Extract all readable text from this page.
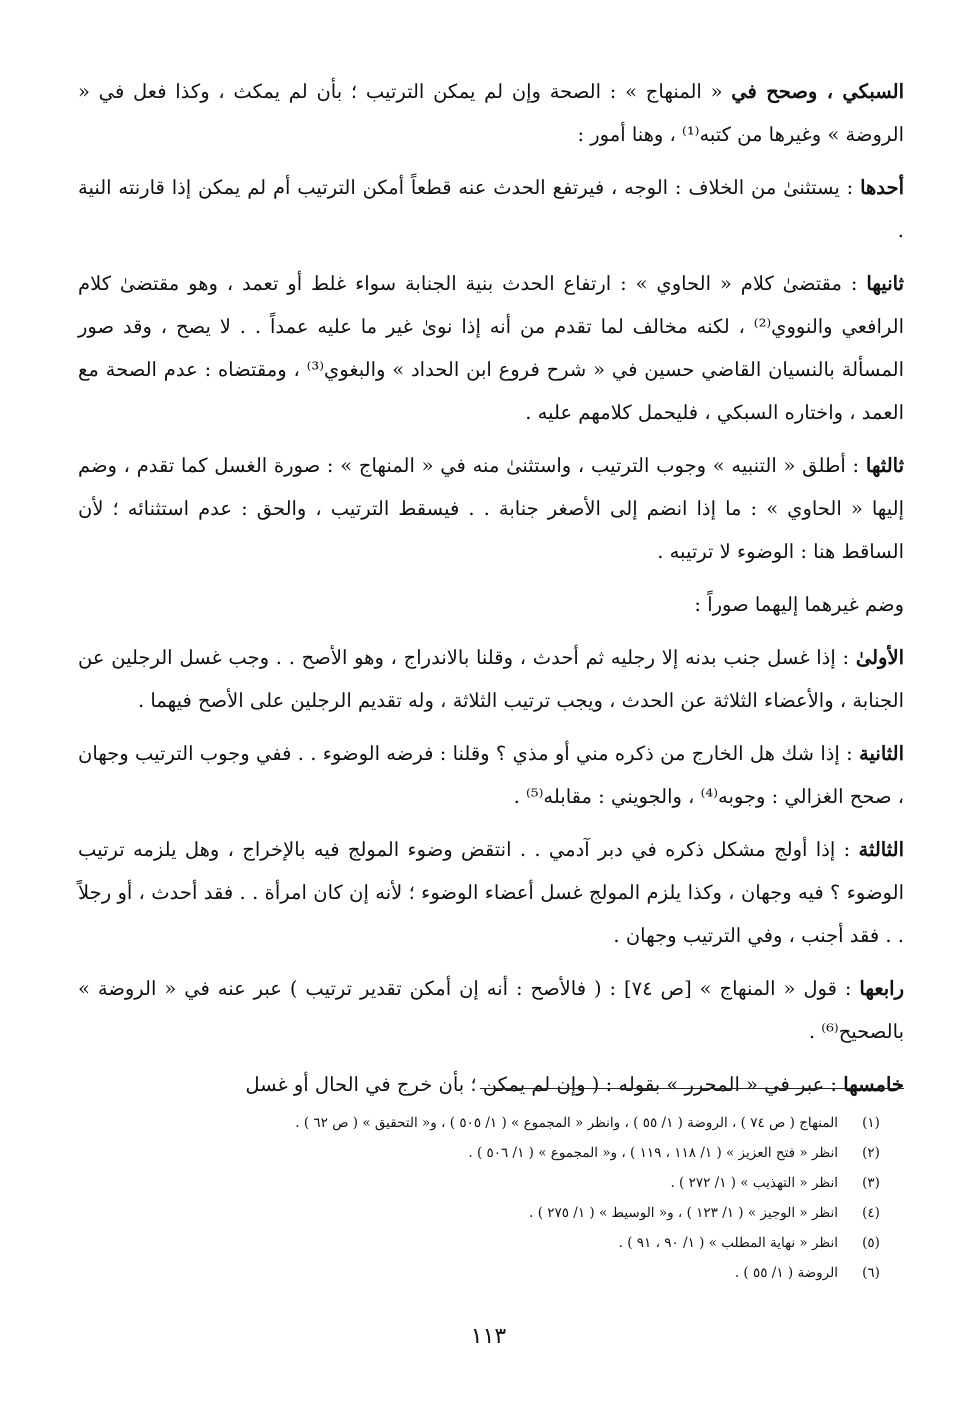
السبكي ، وصحح في « المنهاج » : الصحة وإن لم يمكن الترتيب ؛ بأن لم يمكث ، وكذا فعل في « الروضة » وغيرها من كتبه⁽¹⁾ ، وهنا أمور :

أحدها : يستثنىٰ من الخلاف : الوجه ، فيرتفع الحدث عنه قطعاً أمكن الترتيب أم لم يمكن إذا قارنته النية .

ثانيها : مقتضىٰ كلام « الحاوي » : ارتفاع الحدث بنية الجنابة سواء غلط أو تعمد ، وهو مقتضىٰ كلام الرافعي والنووي⁽²⁾ ، لكنه مخالف لما تقدم من أنه إذا نوىٰ غير ما عليه عمداً . . لا يصح ، وقد صور المسألة بالنسيان القاضي حسين في « شرح فروع ابن الحداد » والبغوي⁽³⁾ ، ومقتضاه : عدم الصحة مع العمد ، واختاره السبكي ، فليحمل كلامهم عليه .

ثالثها : أطلق « التنبيه » وجوب الترتيب ، واستثنىٰ منه في « المنهاج » : صورة الغسل كما تقدم ، وضم إليها « الحاوي » : ما إذا انضم إلى الأصغر جنابة . . فيسقط الترتيب ، والحق : عدم استثنائه ؛ لأن الساقط هنا : الوضوء لا ترتيبه .

وضم غيرهما إليهما صوراً :

الأولىٰ : إذا غسل جنب بدنه إلا رجليه ثم أحدث ، وقلنا بالاندراج ، وهو الأصح . . وجب غسل الرجلين عن الجنابة ، والأعضاء الثلاثة عن الحدث ، ويجب ترتيب الثلاثة ، وله تقديم الرجلين على الأصح فيهما .

الثانية : إذا شك هل الخارج من ذكره مني أو مذي ؟ وقلنا : فرضه الوضوء . . ففي وجوب الترتيب وجهان ، صحح الغزالي : وجوبه⁽⁴⁾ ، والجويني : مقابله⁽⁵⁾ .

الثالثة : إذا أولج مشكل ذكره في دبر آدمي . . انتقض وضوء المولج فيه بالإخراج ، وهل يلزمه ترتيب الوضوء ؟ فيه وجهان ، وكذا يلزم المولج غسل أعضاء الوضوء ؛ لأنه إن كان امرأة . . فقد أحدث ، أو رجلاً . . فقد أجنب ، وفي الترتيب وجهان .

رابعها : قول « المنهاج » [ص ٧٤] : ( فالأصح : أنه إن أمكن تقدير ترتيب ) عبر عنه في « الروضة » بالصحيح⁽⁶⁾ .

خامسها : عبر في « المحرر » بقوله : ( وإن لم يمكن ؛ بأن خرج في الحال أو غسل

(١)
المنهاج ( ص ٧٤ ) ، الروضة ( ١/ ٥٥ ) ، وانظر « المجموع » ( ١/ ٥٠٥ ) ، و« التحقيق » ( ص ٦٢ ) .
(٢)
انظر « فتح العزيز » ( ١/ ١١٨ ، ١١٩ ) ، و« المجموع » ( ١/ ٥٠٦ ) .
(٣)
انظر « التهذيب » ( ١/ ٢٧٢ ) .
(٤)
انظر « الوجيز » ( ١/ ١٢٣ ) ، و« الوسيط » ( ١/ ٢٧٥ ) .
(٥)
انظر « نهاية المطلب » ( ١/ ٩٠ ، ٩١ ) .
(٦)
الروضة ( ١/ ٥٥ ) .
١١٣
